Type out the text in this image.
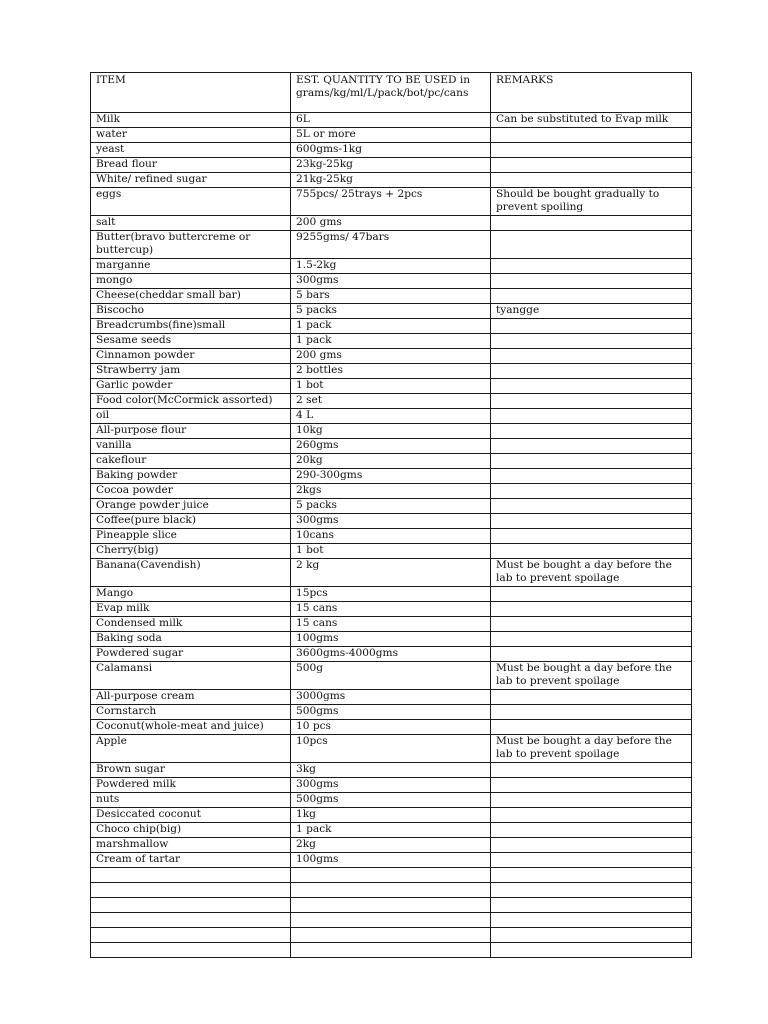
ITEM	EST. QUANTITY TO BE USED in grams/kg/ml/L/pack/bot/pc/cans	REMARKS
Milk	6L	Can be substituted to Evap milk
water	5L or more	
yeast	600gms-1kg	
Bread flour	23kg-25kg	
White/ refined sugar	21kg-25kg	
eggs	755pcs/ 25trays + 2pcs	Should be bought gradually to prevent spoiling
salt	200 gms	
Butter(bravo buttercreme or buttercup)	9255gms/ 47bars	
marganne	1.5-2kg	
mongo	300gms	
Cheese(cheddar small bar)	5 bars	
Biscocho	5 packs	tyangge
Breadcrumbs(fine)small	1 pack	
Sesame seeds	1 pack	
Cinnamon powder	200 gms	
Strawberry jam	2 bottles	
Garlic powder	1 bot	
Food color(McCormick assorted)	2 set	
oil	4 L	
All-purpose flour	10kg	
vanilla	260gms	
cakeflour	20kg	
Baking powder	290-300gms	
Cocoa powder	2kgs	
Orange powder juice	5 packs	
Coffee(pure black)	300gms	
Pineapple slice	10cans	
Cherry(big)	1 bot	
Banana(Cavendish)	2 kg	Must be bought a day before the lab to prevent spoilage
Mango	15pcs	
Evap milk	15 cans	
Condensed milk	15 cans	
Baking soda	100gms	
Powdered sugar	3600gms-4000gms	
Calamansi	500g	Must be bought a day before the lab to prevent spoilage
All-purpose cream	3000gms	
Cornstarch	500gms	
Coconut(whole-meat and juice)	10 pcs	
Apple	10pcs	Must be bought a day before the lab to prevent spoilage
Brown sugar	3kg	
Powdered milk	300gms	
nuts	500gms	
Desiccated coconut	1kg	
Choco chip(big)	1 pack	
marshmallow	2kg	
Cream of tartar	100gms	
